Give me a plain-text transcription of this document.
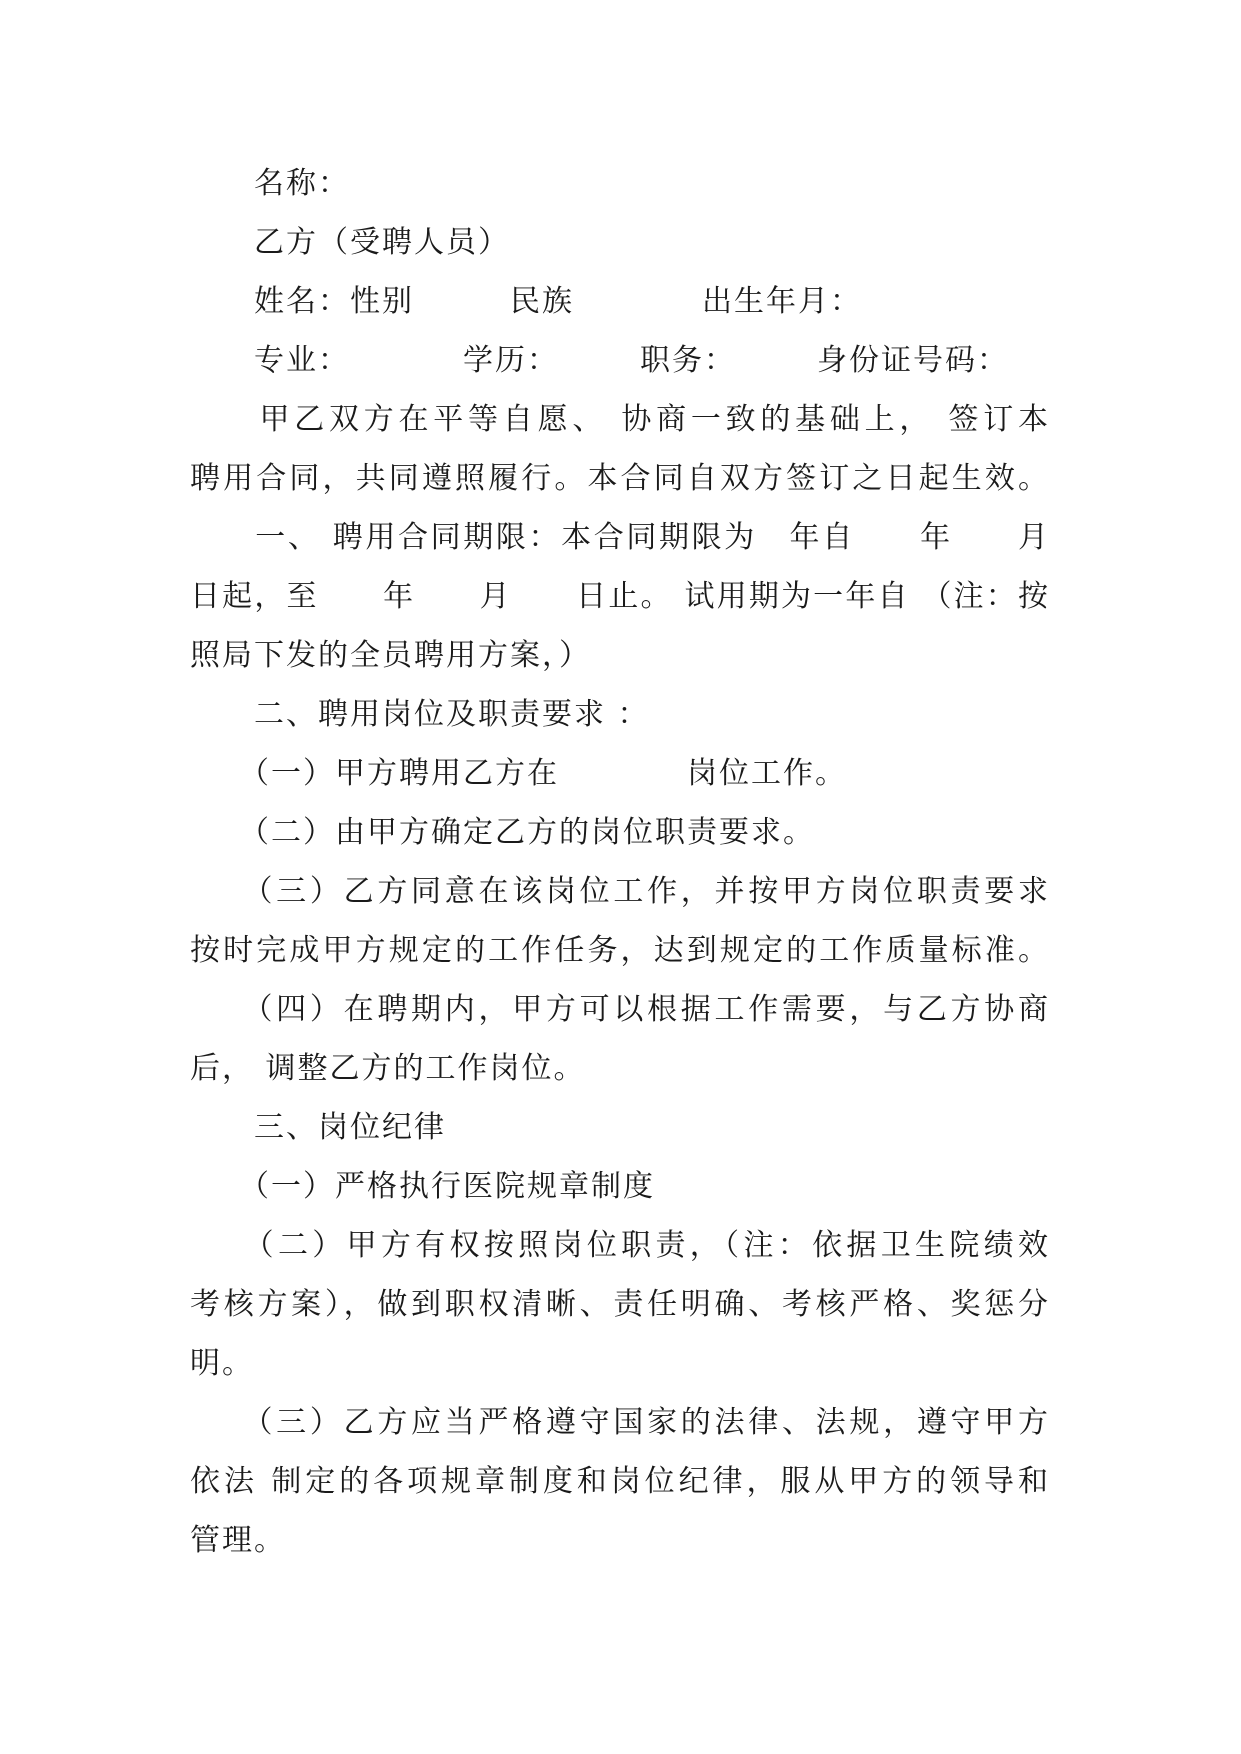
　　名称：
　　乙方（受聘人员）
　　姓名：性别　　　民族　　　　出生年月：
　　专业：　　　　学历：　　　职务：　　　身份证号码：
　　甲乙双方在平等自愿、 协商一致的基础上， 签订本
聘用合同，共同遵照履行。本合同自双方签订之日起生效。
　　一、 聘用合同期限：本合同期限为　年自　　年　　月
日起，至　　年　　月　　日止。 试用期为一年自 （注：按
照局下发的全员聘用方案，）
　　二、聘用岗位及职责要求 ：
　　（一）甲方聘用乙方在　　　　岗位工作。
　　（二）由甲方确定乙方的岗位职责要求。
　　（三）乙方同意在该岗位工作，并按甲方岗位职责要求
按时完成甲方规定的工作任务，达到规定的工作质量标准。
　　（四）在聘期内，甲方可以根据工作需要，与乙方协商
后， 调整乙方的工作岗位。
　　三、岗位纪律
　　（一）严格执行医院规章制度
　　（二）甲方有权按照岗位职责，（注：依据卫生院绩效
考核方案），做到职权清晰、责任明确、考核严格、奖惩分
明。
　　（三）乙方应当严格遵守国家的法律、法规，遵守甲方
依法 制定的各项规章制度和岗位纪律，服从甲方的领导和
管理。
